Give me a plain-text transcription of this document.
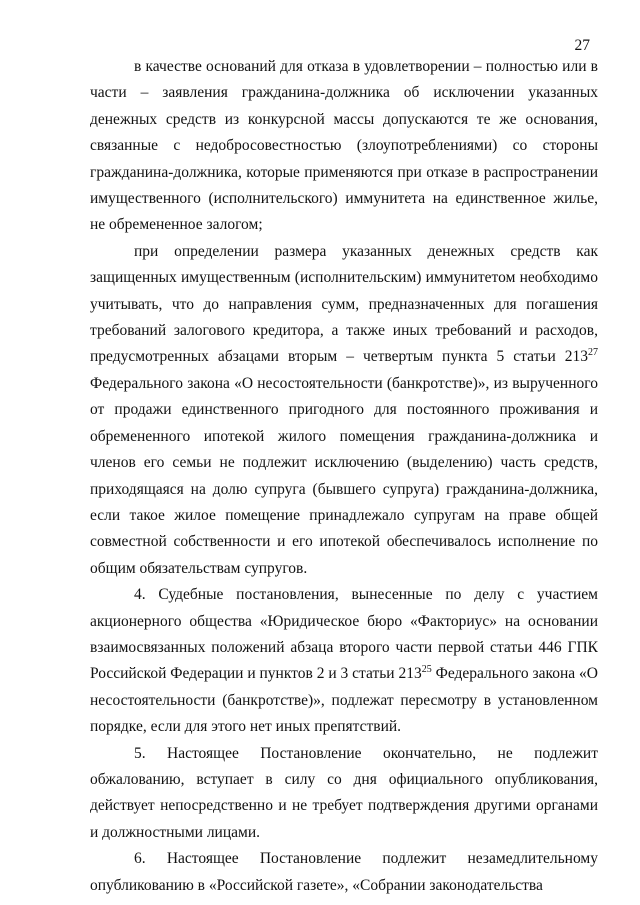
27

в качестве оснований для отказа в удовлетворении – полностью или в части – заявления гражданина-должника об исключении указанных денежных средств из конкурсной массы допускаются те же основания, связанные с недобросовестностью (злоупотреблениями) со стороны гражданина-должника, которые применяются при отказе в распространении имущественного (исполнительского) иммунитета на единственное жилье, не обремененное залогом;

при определении размера указанных денежных средств как защищенных имущественным (исполнительским) иммунитетом необходимо учитывать, что до направления сумм, предназначенных для погашения требований залогового кредитора, а также иных требований и расходов, предусмотренных абзацами вторым – четвертым пункта 5 статьи $213^{27}$ Федерального закона «О несостоятельности (банкротстве)», из вырученного от продажи единственного пригодного для постоянного проживания и обремененного ипотекой жилого помещения гражданина-должника и членов его семьи не подлежит исключению (выделению) часть средств, приходящаяся на долю супруга (бывшего супруга) гражданина-должника, если такое жилое помещение принадлежало супругам на праве общей совместной собственности и его ипотекой обеспечивалось исполнение по общим обязательствам супругов.

4. Судебные постановления, вынесенные по делу с участием акционерного общества «Юридическое бюро «Факториус» на основании взаимосвязанных положений абзаца второго части первой статьи 446 ГПК Российской Федерации и пунктов 2 и 3 статьи $213^{25}$ Федерального закона «О несостоятельности (банкротстве)», подлежат пересмотру в установленном порядке, если для этого нет иных препятствий.

5. Настоящее Постановление окончательно, не подлежит обжалованию, вступает в силу со дня официального опубликования, действует непосредственно и не требует подтверждения другими органами и должностными лицами.

6. Настоящее Постановление подлежит незамедлительному опубликованию в «Российской газете», «Собрании законодательства
